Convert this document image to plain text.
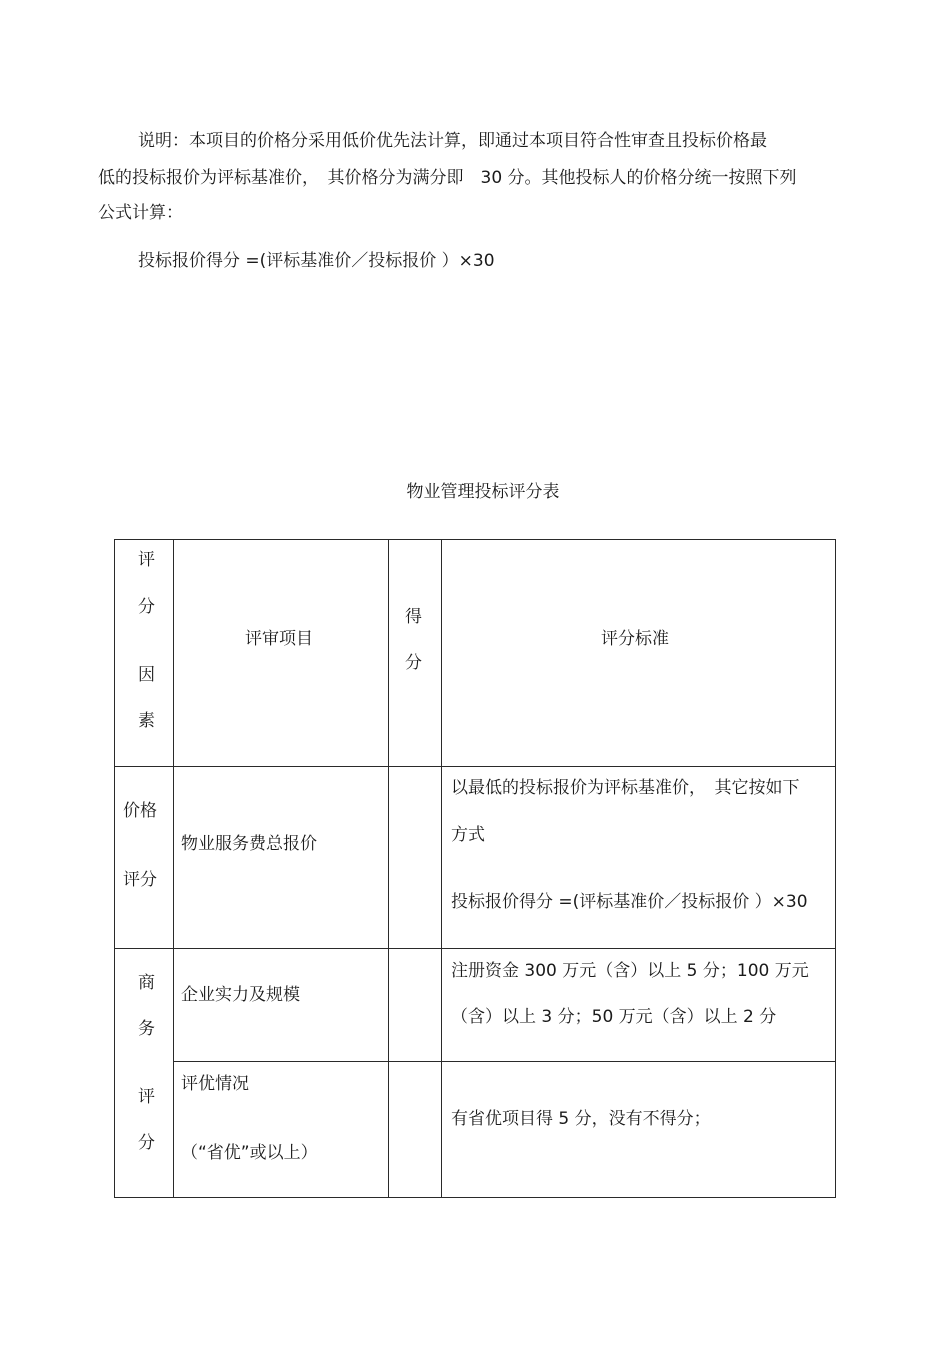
说明：本项目的价格分采用低价优先法计算，即通过本项目符合性审查且投标价格最
低的投标报价为评标基准价，　其价格分为满分即　30 分。其他投标人的价格分统一按照下列
公式计算：
投标报价得分 =(评标基准价／投标报价 ）×30
物业管理投标评分表
评
分
因
素
评审项目
得
分
评分标准
价格
评分
物业服务费总报价
以最低的投标报价为评标基准价，　其它按如下
方式
投标报价得分 =(评标基准价／投标报价 ）×30
商
务
评
分
企业实力及规模
注册资金 300 万元（含）以上 5 分；100 万元
（含）以上 3 分；50 万元（含）以上 2 分
评优情况
（“省优”或以上）
有省优项目得 5 分，没有不得分；
